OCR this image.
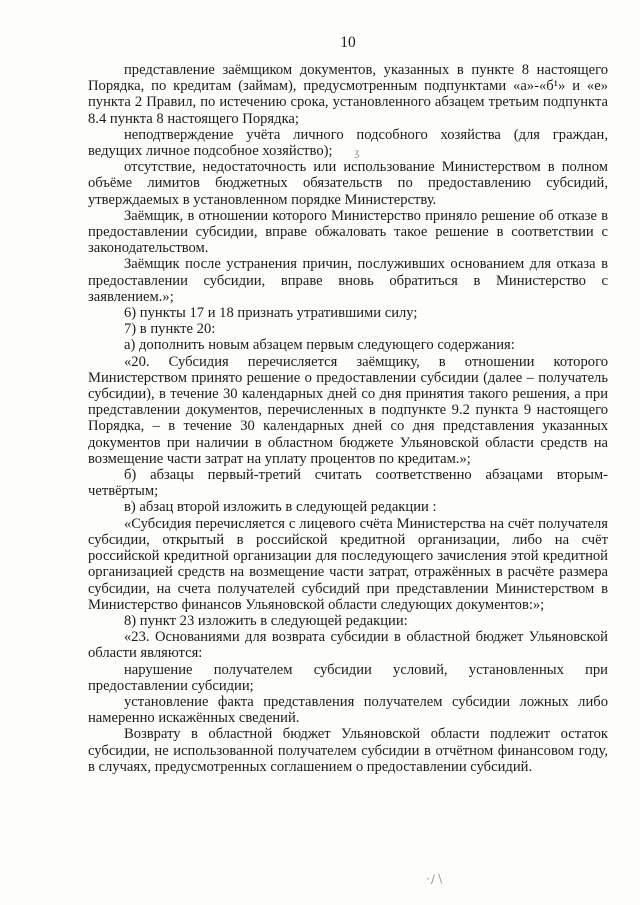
10

представление заёмщиком документов, указанных в пункте 8 настоящего Порядка, по кредитам (займам), предусмотренным подпунктами «а»-«б¹» и «е» пункта 2 Правил, по истечению срока, установленного абзацем третьим подпункта 8.4 пункта 8 настоящего Порядка;

неподтверждение учёта личного подсобного хозяйства (для граждан, ведущих личное подсобное хозяйство);

отсутствие, недостаточность или использование Министерством в полном объёме лимитов бюджетных обязательств по предоставлению субсидий, утверждаемых в установленном порядке Министерству.

Заёмщик, в отношении которого Министерство приняло решение об отказе в предоставлении субсидии, вправе обжаловать такое решение в соответствии с законодательством.

Заёмщик после устранения причин, послуживших основанием для отказа в предоставлении субсидии, вправе вновь обратиться в Министерство с заявлением.»;

6) пункты 17 и 18 признать утратившими силу;

7) в пункте 20:

а) дополнить новым абзацем первым следующего содержания:

«20. Субсидия перечисляется заёмщику, в отношении которого Министерством принято решение о предоставлении субсидии (далее – получатель субсидии), в течение 30 календарных дней со дня принятия такого решения, а при представлении документов, перечисленных в подпункте 9.2 пункта 9 настоящего Порядка, – в течение 30 календарных дней со дня представления указанных документов при наличии в областном бюджете Ульяновской области средств на возмещение части затрат на уплату процентов по кредитам.»;

б) абзацы первый-третий считать соответственно абзацами вторым-четвёртым;

в) абзац второй изложить в следующей редакции :

«Субсидия перечисляется с лицевого счёта Министерства на счёт получателя субсидии, открытый в российской кредитной организации, либо на счёт российской кредитной организации для последующего зачисления этой кредитной организацией средств на возмещение части затрат, отражённых в расчёте размера субсидии, на счета получателей субсидий при представлении Министерством в Министерство финансов Ульяновской области следующих документов:»;

8) пункт 23 изложить в следующей редакции:

«23. Основаниями для возврата субсидии в областной бюджет Ульяновской области являются:

нарушение получателем субсидии условий, установленных при предоставлении субсидии;

установление факта представления получателем субсидии ложных либо намеренно искажённых сведений.

Возврату в областной бюджет Ульяновской области подлежит остаток субсидии, не использованной получателем субсидии в отчётном финансовом году, в случаях, предусмотренных соглашением о предоставлении субсидий.

ʒ
·∕∖
